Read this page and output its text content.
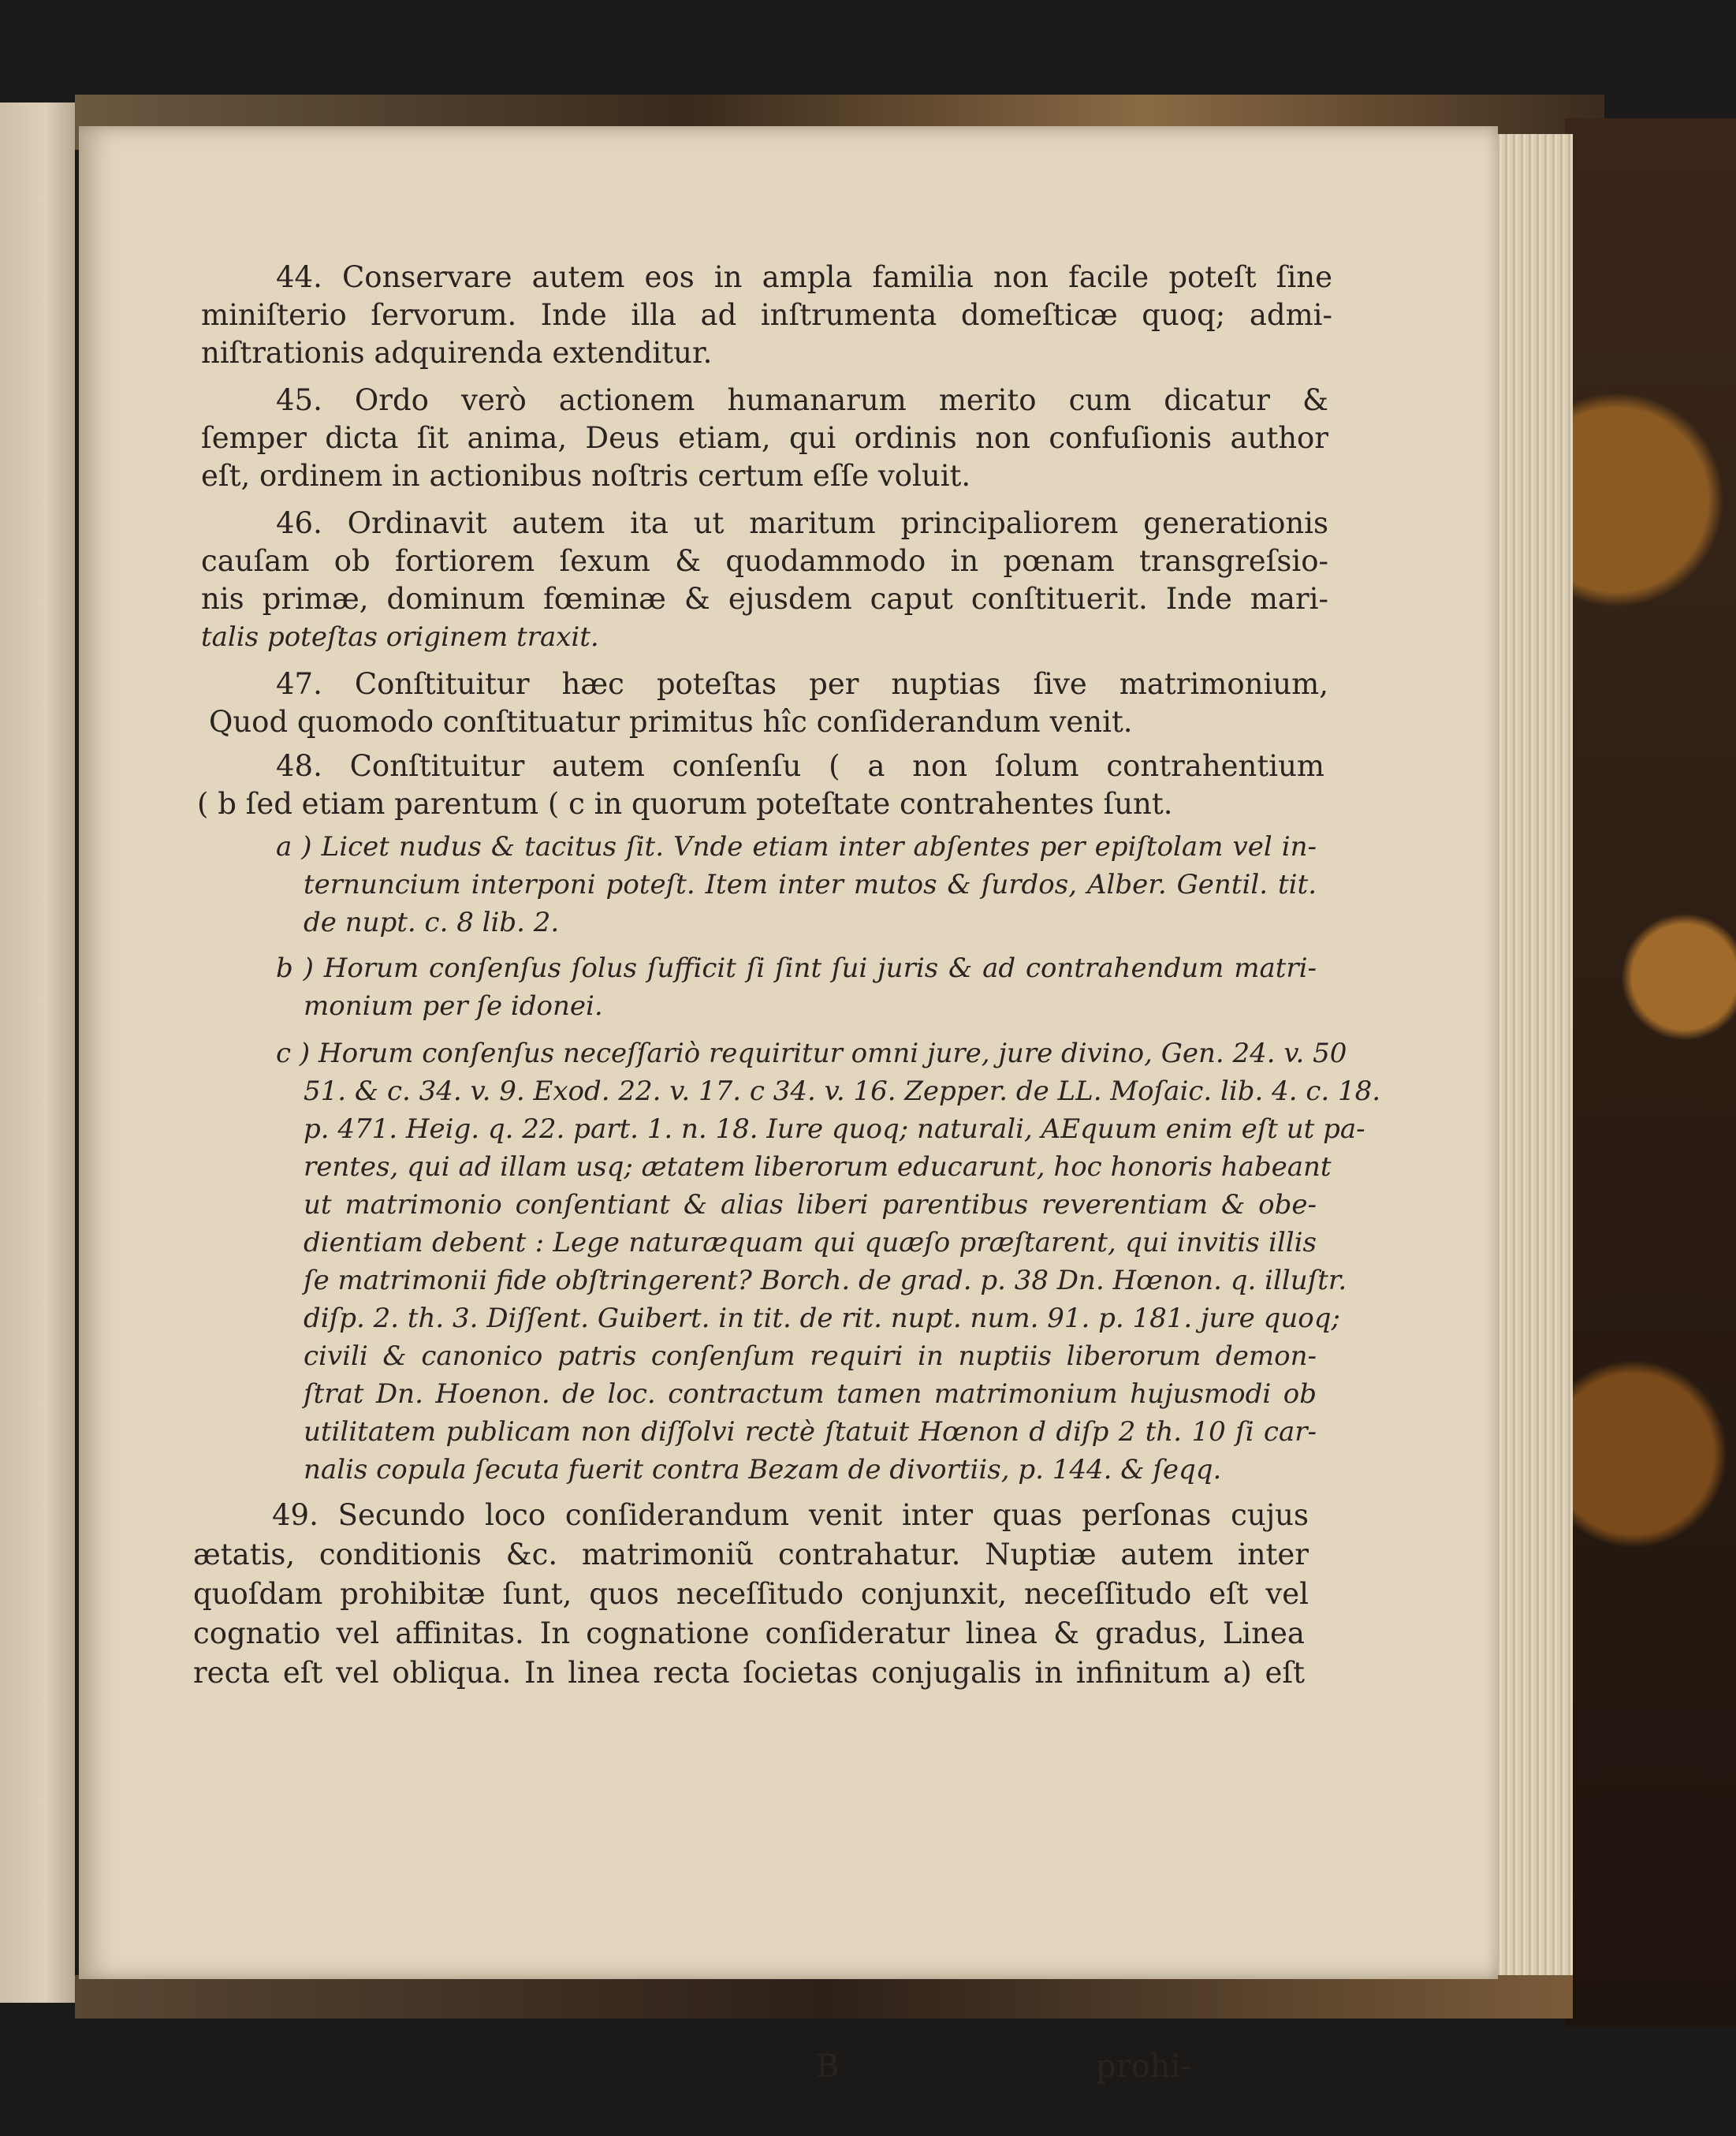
44. Conservare autem eos in ampla familia non facile poteſt ſine
miniſterio ſervorum. Inde illa ad inſtrumenta domeſticæ quoq; admi-
niſtrationis adquirenda extenditur.
45. Ordo verò actionem humanarum merito cum dicatur &
ſemper dicta ſit anima, Deus etiam, qui ordinis non confuſionis author
eſt, ordinem in actionibus noſtris certum eſſe voluit.
46. Ordinavit autem ita ut maritum principaliorem generationis
cauſam ob fortiorem ſexum & quodammodo in pœnam transgreſsio-
nis primæ, dominum fœminæ & ejusdem caput conſtituerit. Inde mari-
talis poteſtas originem traxit.
47. Conſtituitur hæc poteſtas per nuptias ſive matrimonium,
Quod quomodo conſtituatur primitus hîc conſiderandum venit.
48. Conſtituitur autem conſenſu ( a non ſolum contrahentium
( b ſed etiam parentum ( c in quorum poteſtate contrahentes ſunt.
a ) Licet nudus & tacitus ſit. Vnde etiam inter abſentes per epiſtolam vel in-
ternuncium interponi poteſt. Item inter mutos & ſurdos, Alber. Gentil. tit.
de nupt. c. 8 lib. 2.
b ) Horum conſenſus ſolus ſufficit ſi ſint ſui juris & ad contrahendum matri-
monium per ſe idonei.
c ) Horum conſenſus neceſſariò requiritur omni jure, jure divino, Gen. 24. v. 50
51. & c. 34. v. 9. Exod. 22. v. 17. c 34. v. 16. Zepper. de LL. Moſaic. lib. 4. c. 18.
p. 471. Heig. q. 22. part. 1. n. 18. Iure quoq; naturali, AEquum enim eſt ut pa-
rentes, qui ad illam usq; ætatem liberorum educarunt, hoc honoris habeant
ut matrimonio conſentiant & alias liberi parentibus reverentiam & obe-
dientiam debent : Lege naturæquam qui quæſo præſtarent, qui invitis illis
ſe matrimonii fide obſtringerent? Borch. de grad. p. 38 Dn. Hœnon. q. illuſtr.
diſp. 2. th. 3. Diſſent. Guibert. in tit. de rit. nupt. num. 91. p. 181. jure quoq;
civili & canonico patris conſenſum requiri in nuptiis liberorum demon-
ſtrat Dn. Hoenon. de loc. contractum tamen matrimonium hujusmodi ob
utilitatem publicam non diſſolvi rectè ſtatuit Hœnon d diſp 2 th. 10 ſi car-
nalis copula ſecuta fuerit contra Bezam de divortiis, p. 144. & ſeqq.
49. Secundo loco conſiderandum venit inter quas perſonas cujus
ætatis, conditionis &c. matrimoniũ contrahatur. Nuptiæ autem inter
quoſdam prohibitæ ſunt, quos neceſſitudo conjunxit, neceſſitudo eſt vel
cognatio vel affinitas. In cognatione conſideratur linea & gradus, Linea
recta eſt vel obliqua. In linea recta ſocietas conjugalis in infinitum a) eſt
B	prohi-
